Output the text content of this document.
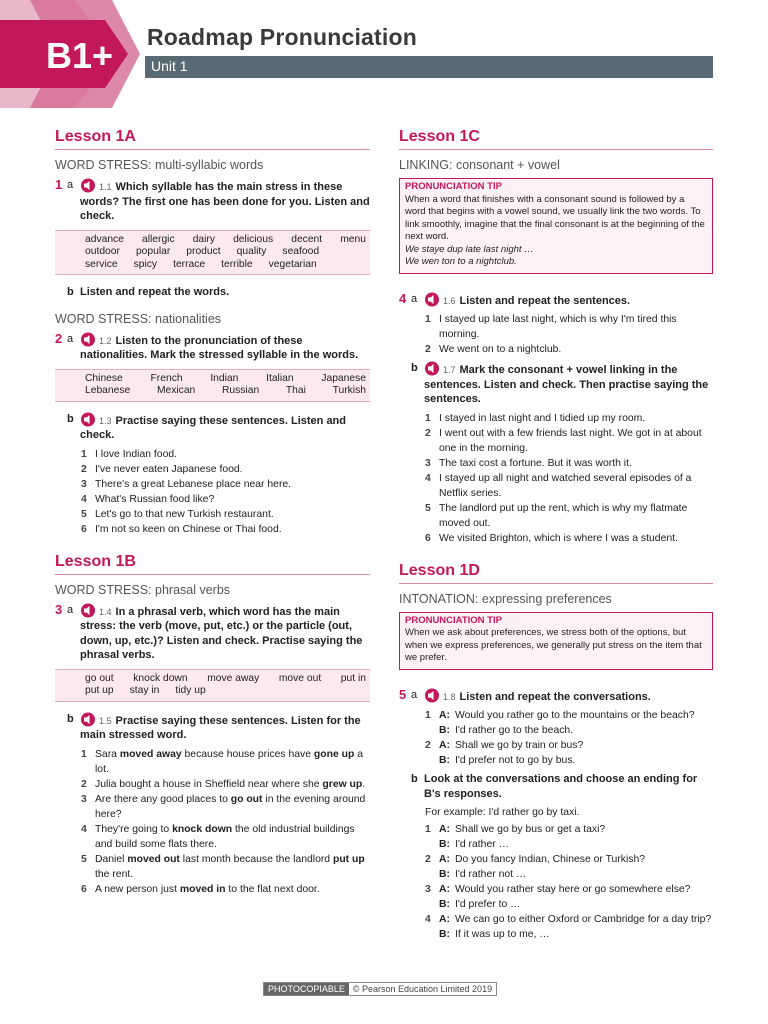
B1+ Roadmap Pronunciation
Unit 1
Lesson 1A
WORD STRESS: multi-syllabic words
1 a	1.1 Which syllable has the main stress in these words? The first one has been done for you. Listen and check.
advance allergic dairy delicious decent menu
outdoor popular product quality seafood
service spicy terrace terrible vegetarian
b Listen and repeat the words.
WORD STRESS: nationalities
2 a	1.2 Listen to the pronunciation of these nationalities. Mark the stressed syllable in the words.
Chinese	French	Indian	Italian	Japanese
Lebanese	Mexican	Russian	Thai	Turkish
b	1.3 Practise saying these sentences. Listen and check.
1 I love Indian food.
2 I've never eaten Japanese food.
3 There's a great Lebanese place near here.
4 What's Russian food like?
5 Let's go to that new Turkish restaurant.
6 I'm not so keen on Chinese or Thai food.
Lesson 1B
WORD STRESS: phrasal verbs
3 a	1.4 In a phrasal verb, which word has the main stress: the verb (move, put, etc.) or the particle (out, down, up, etc.)? Listen and check. Practise saying the phrasal verbs.
go out knock down move away move out put in
put up stay in tidy up
b	1.5 Practise saying these sentences. Listen for the main stressed word.
1 Sara moved away because house prices have gone up a lot.
2 Julia bought a house in Sheffield near where she grew up.
3 Are there any good places to go out in the evening around here?
4 They're going to knock down the old industrial buildings and build some flats there.
5 Daniel moved out last month because the landlord put up the rent.
6 A new person just moved in to the flat next door.
Lesson 1C
LINKING: consonant + vowel
PRONUNCIATION TIP
When a word that finishes with a consonant sound is followed by a word that begins with a vowel sound, we usually link the two words. To link smoothly, imagine that the final consonant is at the beginning of the next word.
We staye dup late last night …
We wen ton to a nightclub.
4 a	1.6 Listen and repeat the sentences.
1 I stayed up late last night, which is why I'm tired this morning.
2 We went on to a nightclub.
b	1.7 Mark the consonant + vowel linking in the sentences. Listen and check. Then practise saying the sentences.
1 I stayed in last night and I tidied up my room.
2 I went out with a few friends last night. We got in at about one in the morning.
3 The taxi cost a fortune. But it was worth it.
4 I stayed up all night and watched several episodes of a Netflix series.
5 The landlord put up the rent, which is why my flatmate moved out.
6 We visited Brighton, which is where I was a student.
Lesson 1D
INTONATION: expressing preferences
PRONUNCIATION TIP
When we ask about preferences, we stress both of the options, but when we express preferences, we generally put stress on the item that we prefer.
5 a	1.8 Listen and repeat the conversations.
1 A: Would you rather go to the mountains or the beach?
B: I'd rather go to the beach.
2 A: Shall we go by train or bus?
B: I'd prefer not to go by bus.
b Look at the conversations and choose an ending for B's responses.
For example: I'd rather go by taxi.
1 A: Shall we go by bus or get a taxi?
B: I'd rather …
2 A: Do you fancy Indian, Chinese or Turkish?
B: I'd rather not …
3 A: Would you rather stay here or go somewhere else?
B: I'd prefer to …
4 A: We can go to either Oxford or Cambridge for a day trip?
B: If it was up to me, …
PHOTOCOPIABLE © Pearson Education Limited 2019
